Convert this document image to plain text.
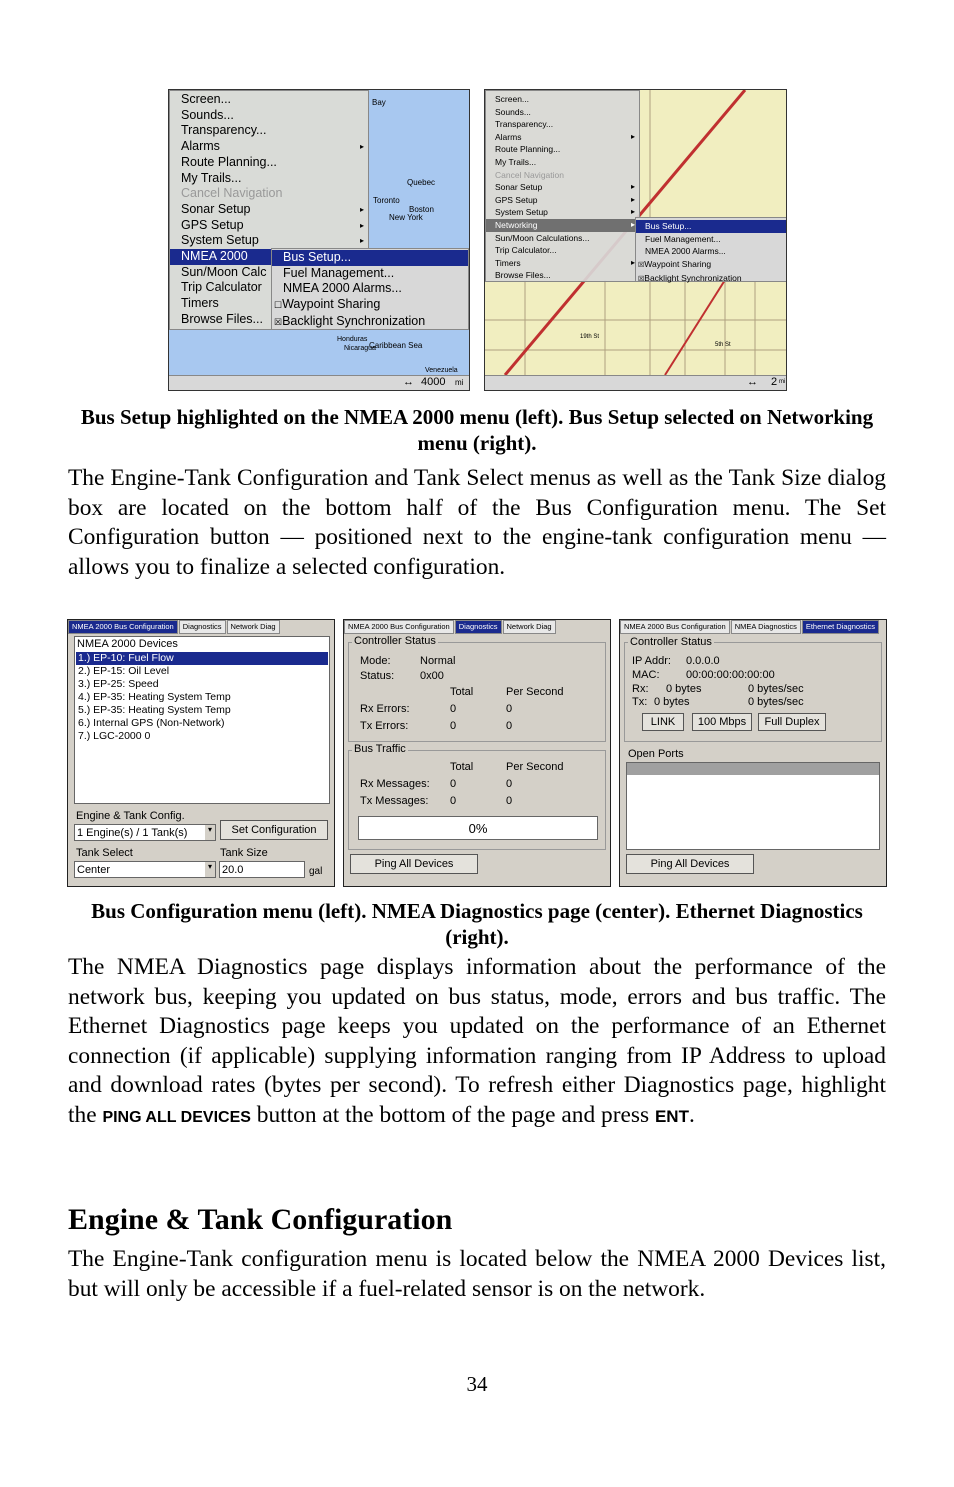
Bay
Quebec
Toronto
Boston
New York
Honduras
Nicaragua
Caribbean Sea
Venezuela
Screen...
Sounds...
Transparency...
Alarms	▸
Route Planning...
My Trails...
Cancel Navigation
Sonar Setup	▸
GPS Setup	▸
System Setup	▸
NMEA 2000
Sun/Moon Calc
Trip Calculator
Timers
Browse Files...
Bus Setup...
Fuel Management...
NMEA 2000 Alarms...
☐Waypoint Sharing
☒Backlight Synchronization
↔ 4000 mi
19th St
5th St
Screen...
Sounds...
Transparency...
Alarms	▸
Route Planning...
My Trails...
Cancel Navigation
Sonar Setup	▸
GPS Setup	▸
System Setup	▸
Networking	▸
Sun/Moon Calculations...
Trip Calculator...
Timers	▸
Browse Files...
Bus Setup...
Fuel Management...
NMEA 2000 Alarms...
☒Waypoint Sharing
☒Backlight Synchronization
↔ 2 mi
Bus Setup highlighted on the NMEA 2000 menu (left). Bus Setup selected on Networking menu (right).
The Engine-Tank Configuration and Tank Select menus as well as the Tank Size dialog box are located on the bottom half of the Bus Configuration menu. The Set Configuration button — positioned next to the engine-tank configuration menu — allows you to finalize a selected configuration.
NMEA 2000 Bus Configuration	Diagnostics	Network Diag
NMEA 2000 Devices
1.) EP-10: Fuel Flow
2.) EP-15: Oil Level
3.) EP-25: Speed
4.) EP-35: Heating System Temp
5.) EP-35: Heating System Temp
6.) Internal GPS (Non-Network)
7.) LGC-2000 0
Engine & Tank Config.
1 Engine(s) / 1 Tank(s)	▾	Set Configuration
Tank Select
Center	▾
Tank Size
20.0	gal
NMEA 2000 Bus Configuration	Diagnostics	Network Diag
Controller Status
Mode:	Normal
Status: 0x00
Total	Per Second
Rx Errors:	0	0
Tx Errors:	0	0
Bus Traffic
Total	Per Second
Rx Messages: 0	0
Tx Messages: 0	0
0%
Ping All Devices
NMEA 2000 Bus Configuration	NMEA Diagnostics	Ethernet Diagnostics
Controller Status
IP Addr: 0.0.0.0
MAC: 00:00:00:00:00:00
Rx: 0 bytes	0 bytes/sec
Tx: 0 bytes	0 bytes/sec
LINK	100 Mbps	Full Duplex
Open Ports
Ping All Devices
Bus Configuration menu (left). NMEA Diagnostics page (center). Ethernet Diagnostics (right).
The NMEA Diagnostics page displays information about the performance of the network bus, keeping you updated on bus status, mode, errors and bus traffic. The Ethernet Diagnostics page keeps you updated on the performance of an Ethernet connection (if applicable) supplying information ranging from IP Address to upload and download rates (bytes per second). To refresh either Diagnostics page, highlight the PING ALL DEVICES button at the bottom of the page and press ENT.
Engine & Tank Configuration
The Engine-Tank configuration menu is located below the NMEA 2000 Devices list, but will only be accessible if a fuel-related sensor is on the network.
34
